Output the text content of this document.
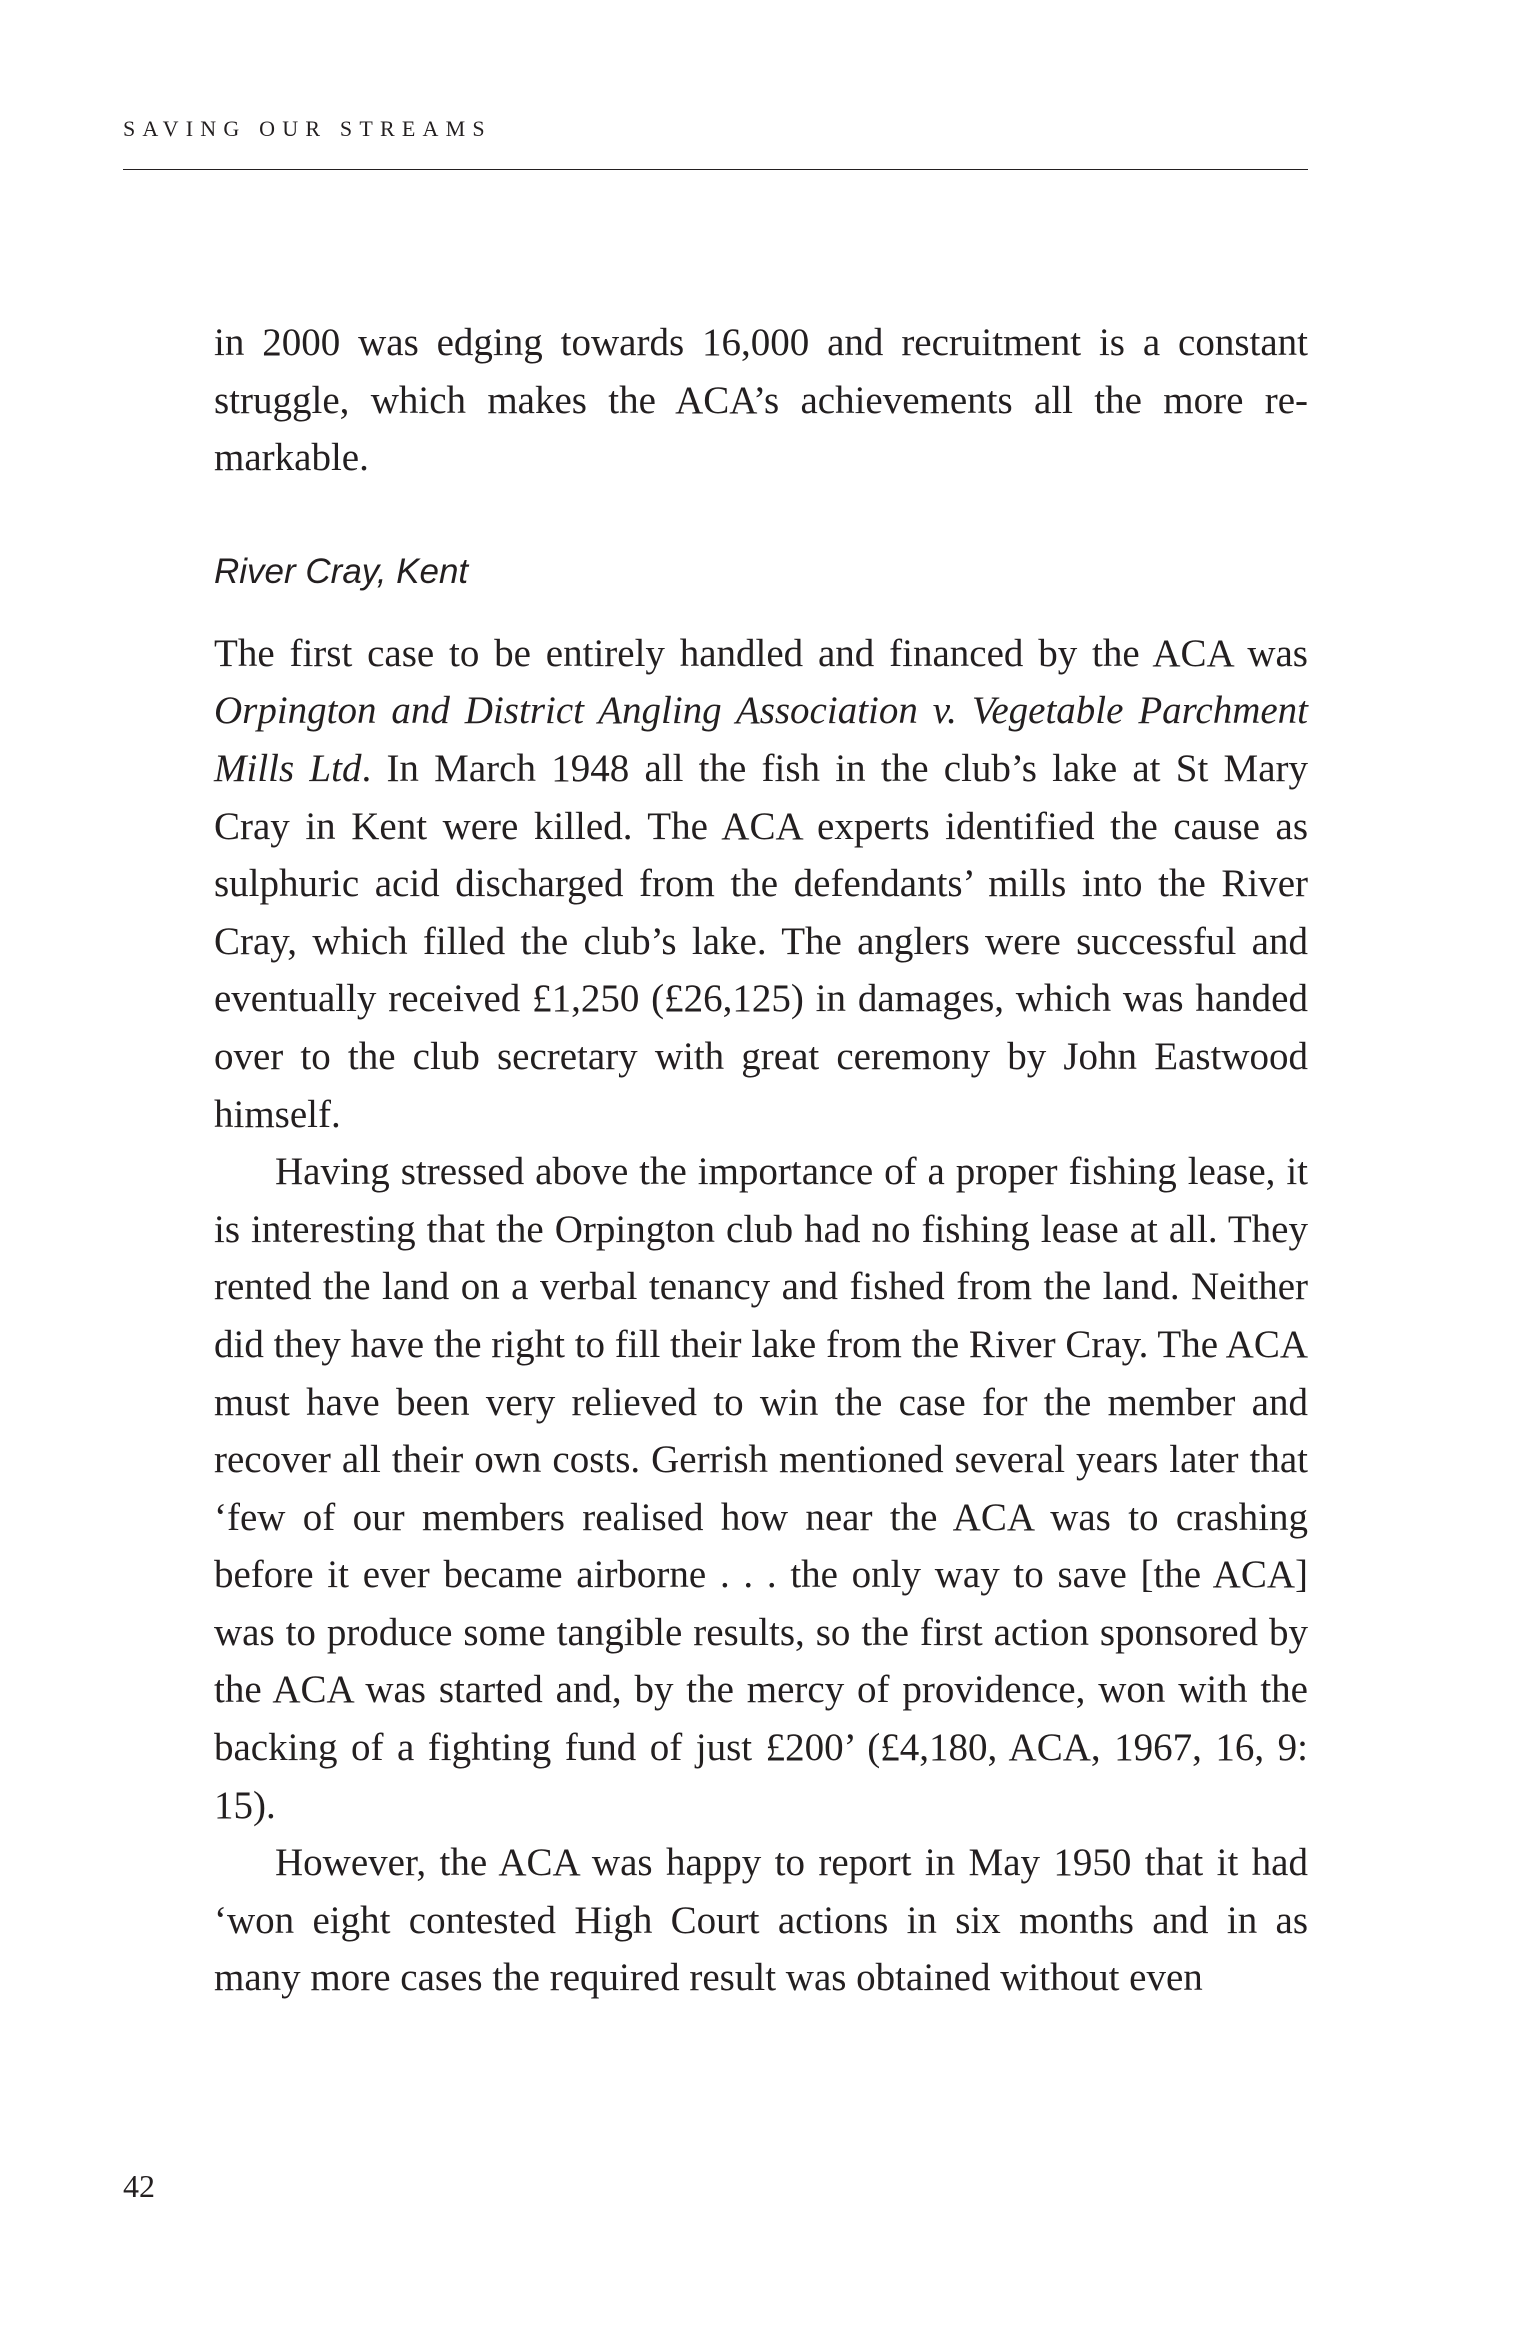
SAVING OUR STREAMS

in 2000 was edging towards 16,000 and recruitment is a constant struggle, which makes the ACA’s achievements all the more remarkable.

River Cray, Kent

The first case to be entirely handled and financed by the ACA was Orpington and District Angling Association v. Vegetable Parchment Mills Ltd. In March 1948 all the fish in the club’s lake at St Mary Cray in Kent were killed. The ACA experts identified the cause as sulphuric acid discharged from the defendants’ mills into the River Cray, which filled the club’s lake. The anglers were successful and eventually received £1,250 (£26,125) in damages, which was handed over to the club secretary with great ceremony by John Eastwood himself.

Having stressed above the importance of a proper fishing lease, it is interesting that the Orpington club had no fishing lease at all. They rented the land on a verbal tenancy and fished from the land. Neither did they have the right to fill their lake from the River Cray. The ACA must have been very relieved to win the case for the member and recover all their own costs. Gerrish mentioned several years later that ‘few of our members realised how near the ACA was to crashing before it ever became airborne . . . the only way to save [the ACA] was to produce some tangible results, so the first action sponsored by the ACA was started and, by the mercy of providence, won with the backing of a fighting fund of just £200’ (£4,180, ACA, 1967, 16, 9: 15).

However, the ACA was happy to report in May 1950 that it had ‘won eight contested High Court actions in six months and in as many more cases the required result was obtained without even

42
